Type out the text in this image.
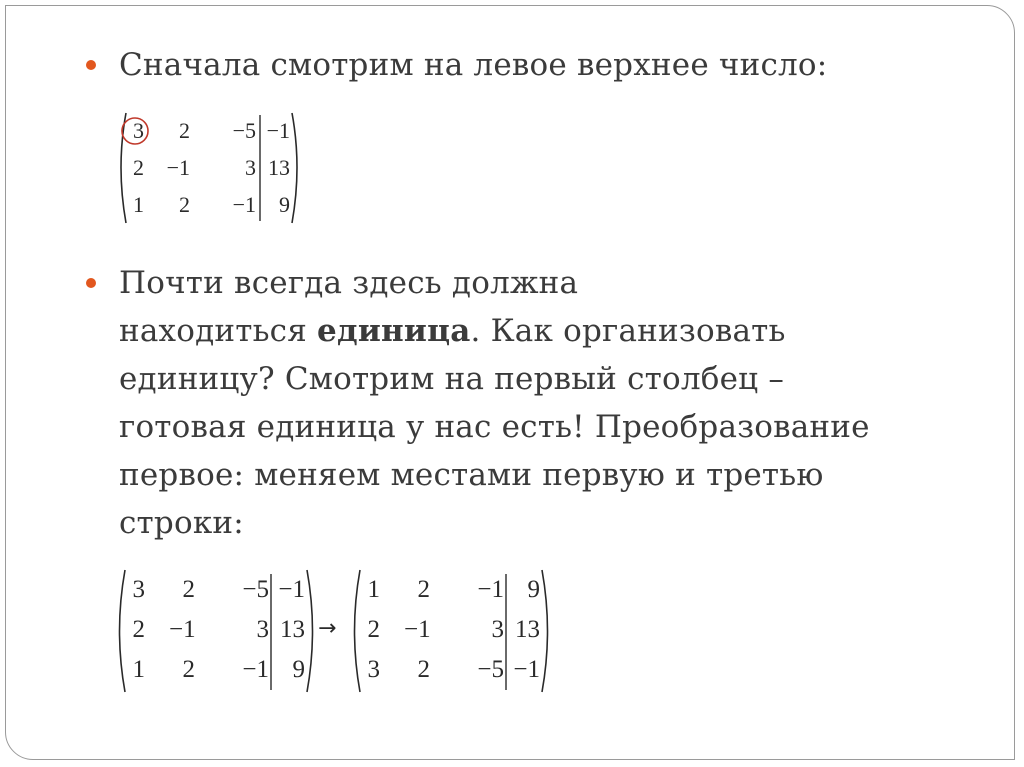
Сначала смотрим на левое верхнее число:
3	2	−5 −1
2 −1	3 13
1	2	−1	9
Почти всегда здесь должна
находиться единица. Как организовать
единицу? Смотрим на первый столбец –
готовая единица у нас есть! Преобразование
первое: меняем местами первую и третью
строки:
3	2	−5 −1
2 −1	3 13
1	2	−1 9
→
1	2	−1 9
2 −1	3 13
3	2	−5 −1
